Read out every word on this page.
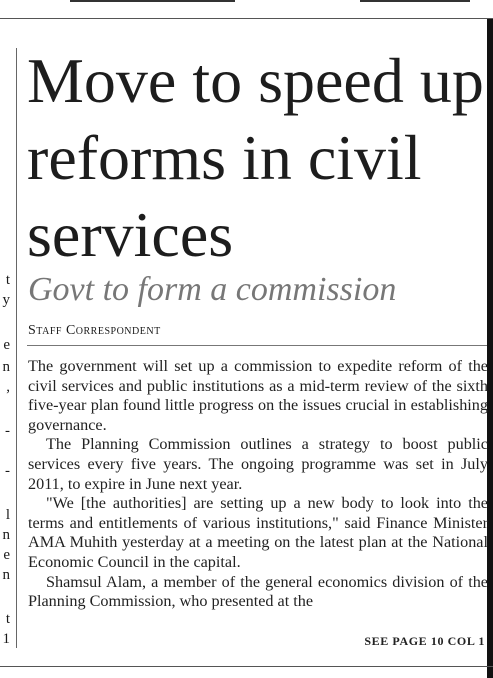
t
y
e
n
,
-
-
l
n
e
n
t
1
Move to speed up reforms in civil services
Govt to form a commission
Staff Correspondent

The government will set up a commission to expedite reform of the civil services and public institutions as a mid-term review of the sixth five-year plan found little progress on the issues crucial in establishing governance.

The Planning Commission outlines a strategy to boost public services every five years. The ongoing programme was set in July 2011, to expire in June next year.

"We [the authorities] are setting up a new body to look into the terms and entitlements of various institutions," said Finance Minister AMA Muhith yesterday at a meeting on the latest plan at the National Economic Council in the capital.

Shamsul Alam, a member of the general economics division of the Planning Commission, who presented at the

SEE PAGE 10 COL 1
